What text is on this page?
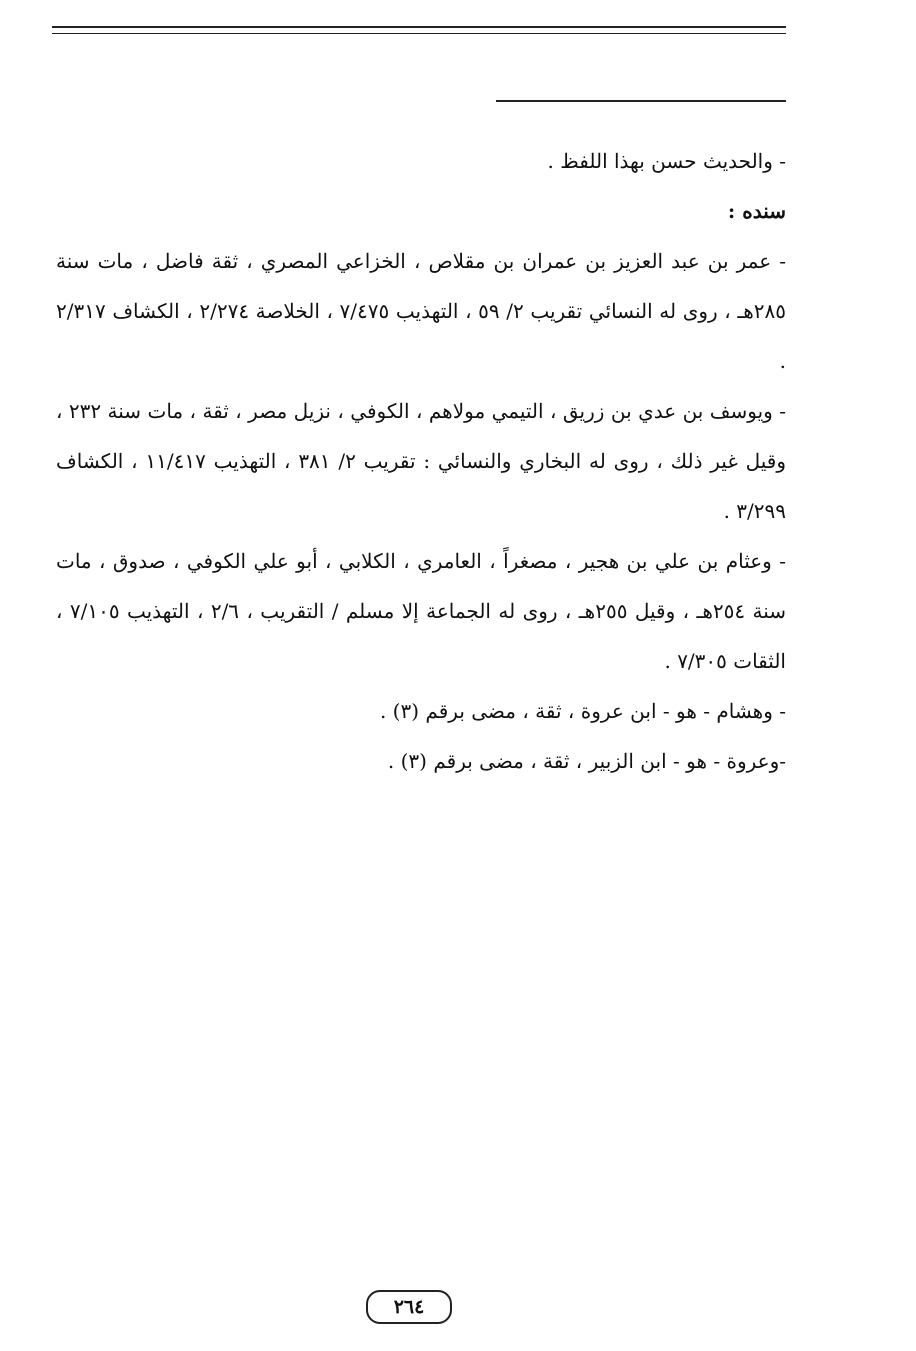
- والحديث حسن بهذا اللفظ .

سنده :

- عمر بن عبد العزيز بن عمران بن مقلاص ، الخزاعي المصري ، ثقة فاضل ، مات سنة ٢٨٥هـ ، روى له النسائي تقريب ٢/ ٥٩ ، التهذيب ٧/٤٧٥ ، الخلاصة ٢/٢٧٤ ، الكشاف ٢/٣١٧ .

- ويوسف بن عدي بن زريق ، التيمي مولاهم ، الكوفي ، نزيل مصر ، ثقة ، مات سنة ٢٣٢ ، وقيل غير ذلك ، روى له البخاري والنسائي : تقريب ٢/ ٣٨١ ، التهذيب ١١/٤١٧ ، الكشاف ٣/٢٩٩ .

- وعثام بن علي بن هجير ، مصغراً ، العامري ، الكلابي ، أبو علي الكوفي ، صدوق ، مات سنة ٢٥٤هـ ، وقيل ٢٥٥هـ ، روى له الجماعة إلا مسلم / التقريب ، ٢/٦ ، التهذيب ٧/١٠٥ ، الثقات ٧/٣٠٥ .

- وهشام - هو - ابن عروة ، ثقة ، مضى برقم (٣) .

-وعروة - هو - ابن الزبير ، ثقة ، مضى برقم (٣) .

٢٦٤
